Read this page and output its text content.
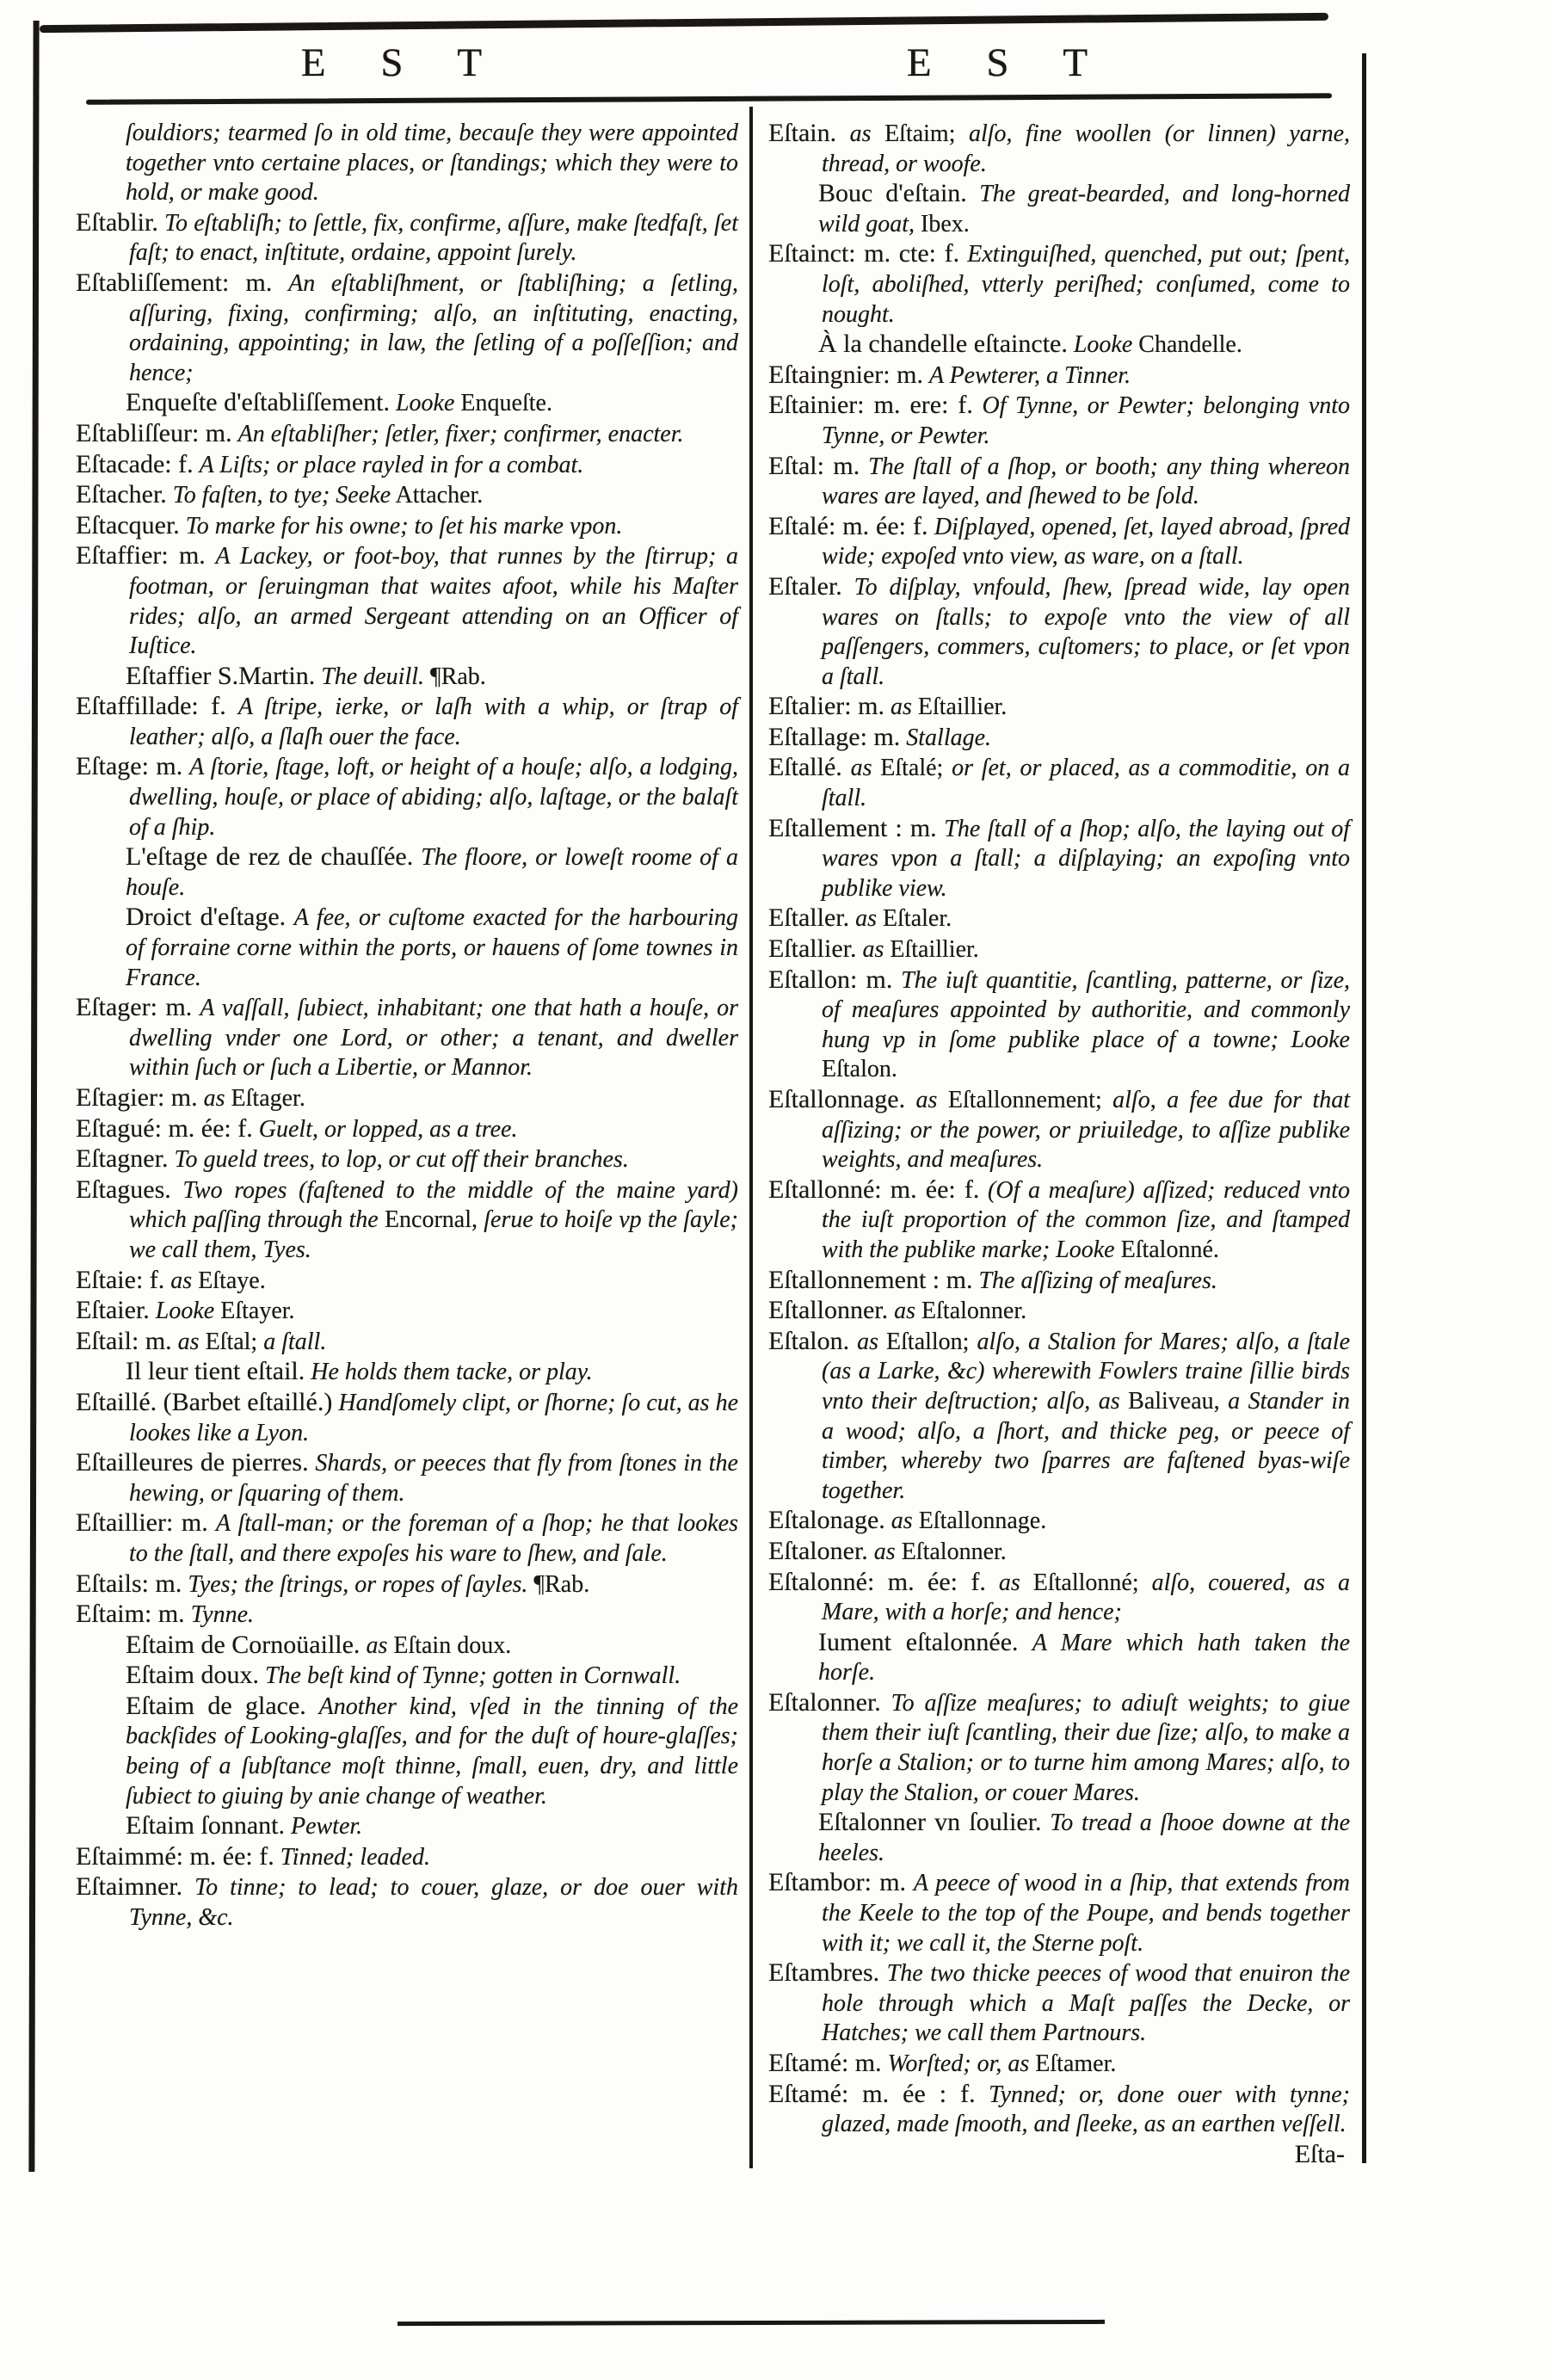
E S T	E S T

ſouldiors; tearmed ſo in old time, becauſe they were appointed together vnto certaine places, or ſtandings; which they were to hold, or make good.

Eſtablir. To eſtabliſh; to ſettle, fix, confirme, aſſure, make ſtedfaſt, ſet faſt; to enact, inſtitute, ordaine, appoint ſurely.

Eſtabliſſement: m. An eſtabliſhment, or ſtabliſhing; a ſetling, aſſuring, fixing, confirming; alſo, an inſtituting, enacting, ordaining, appointing; in law, the ſetling of a poſſeſſion; and hence;

Enqueſte d'eſtabliſſement. Looke Enqueſte.

Eſtabliſſeur: m. An eſtabliſher; ſetler, fixer; confirmer, enacter.

Eſtacade: f. A Liſts; or place rayled in for a combat.

Eſtacher. To faſten, to tye; Seeke Attacher.

Eſtacquer. To marke for his owne; to ſet his marke vpon.

Eſtaffier: m. A Lackey, or foot-boy, that runnes by the ſtirrup; a footman, or ſeruingman that waites afoot, while his Maſter rides; alſo, an armed Sergeant attending on an Officer of Iuſtice.

Eſtaffier S.Martin. The deuill. ¶Rab.

Eſtaffillade: f. A ſtripe, ierke, or laſh with a whip, or ſtrap of leather; alſo, a ſlaſh ouer the face.

Eſtage: m. A ſtorie, ſtage, loft, or height of a houſe; alſo, a lodging, dwelling, houſe, or place of abiding; alſo, laſtage, or the balaſt of a ſhip.

L'eſtage de rez de chauſſée. The floore, or loweſt roome of a houſe.

Droict d'eſtage. A fee, or cuſtome exacted for the harbouring of forraine corne within the ports, or hauens of ſome townes in France.

Eſtager: m. A vaſſall, ſubiect, inhabitant; one that hath a houſe, or dwelling vnder one Lord, or other; a tenant, and dweller within ſuch or ſuch a Libertie, or Mannor.

Eſtagier: m. as Eſtager.

Eſtagué: m. ée: f. Guelt, or lopped, as a tree.

Eſtagner. To gueld trees, to lop, or cut off their branches.

Eſtagues. Two ropes (faſtened to the middle of the maine yard) which paſſing through the Encornal, ſerue to hoiſe vp the ſayle; we call them, Tyes.

Eſtaie: f. as Eſtaye.

Eſtaier. Looke Eſtayer.

Eſtail: m. as Eſtal; a ſtall.

Il leur tient eſtail. He holds them tacke, or play.

Eſtaillé. (Barbet eſtaillé.) Handſomely clipt, or ſhorne; ſo cut, as he lookes like a Lyon.

Eſtailleures de pierres. Shards, or peeces that fly from ſtones in the hewing, or ſquaring of them.

Eſtaillier: m. A ſtall-man; or the foreman of a ſhop; he that lookes to the ſtall, and there expoſes his ware to ſhew, and ſale.

Eſtails: m. Tyes; the ſtrings, or ropes of ſayles. ¶Rab.

Eſtaim: m. Tynne.

Eſtaim de Cornoüaille. as Eſtain doux.

Eſtaim doux. The beſt kind of Tynne; gotten in Cornwall.

Eſtaim de glace. Another kind, vſed in the tinning of the backſides of Looking-glaſſes, and for the duſt of houre-glaſſes; being of a ſubſtance moſt thinne, ſmall, euen, dry, and little ſubiect to giuing by anie change of weather.

Eſtaim ſonnant. Pewter.

Eſtaimmé: m. ée: f. Tinned; leaded.

Eſtaimner. To tinne; to lead; to couer, glaze, or doe ouer with Tynne, &c.

Eſtain. as Eſtaim; alſo, fine woollen (or linnen) yarne, thread, or woofe.

Bouc d'eſtain. The great-bearded, and long-horned wild goat, Ibex.

Eſtainct: m. cte: f. Extinguiſhed, quenched, put out; ſpent, loſt, aboliſhed, vtterly periſhed; conſumed, come to nought.

À la chandelle eſtaincte. Looke Chandelle.

Eſtaingnier: m. A Pewterer, a Tinner.

Eſtainier: m. ere: f. Of Tynne, or Pewter; belonging vnto Tynne, or Pewter.

Eſtal: m. The ſtall of a ſhop, or booth; any thing whereon wares are layed, and ſhewed to be ſold.

Eſtalé: m. ée: f. Diſplayed, opened, ſet, layed abroad, ſpred wide; expoſed vnto view, as ware, on a ſtall.

Eſtaler. To diſplay, vnfould, ſhew, ſpread wide, lay open wares on ſtalls; to expoſe vnto the view of all paſſengers, commers, cuſtomers; to place, or ſet vpon a ſtall.

Eſtalier: m. as Eſtaillier.

Eſtallage: m. Stallage.

Eſtallé. as Eſtalé; or ſet, or placed, as a commoditie, on a ſtall.

Eſtallement : m. The ſtall of a ſhop; alſo, the laying out of wares vpon a ſtall; a diſplaying; an expoſing vnto publike view.

Eſtaller. as Eſtaler.

Eſtallier. as Eſtaillier.

Eſtallon: m. The iuſt quantitie, ſcantling, patterne, or ſize, of meaſures appointed by authoritie, and commonly hung vp in ſome publike place of a towne; Looke Eſtalon.

Eſtallonnage. as Eſtallonnement; alſo, a fee due for that aſſizing; or the power, or priuiledge, to aſſize publike weights, and meaſures.

Eſtallonné: m. ée: f. (Of a meaſure) aſſized; reduced vnto the iuſt proportion of the common ſize, and ſtamped with the publike marke; Looke Eſtalonné.

Eſtallonnement : m. The aſſizing of meaſures.

Eſtallonner. as Eſtalonner.

Eſtalon. as Eſtallon; alſo, a Stalion for Mares; alſo, a ſtale (as a Larke, &c) wherewith Fowlers traine ſillie birds vnto their deſtruction; alſo, as Baliveau, a Stander in a wood; alſo, a ſhort, and thicke peg, or peece of timber, whereby two ſparres are faſtened byas-wiſe together.

Eſtalonage. as Eſtallonnage.

Eſtaloner. as Eſtalonner.

Eſtalonné: m. ée: f. as Eſtallonné; alſo, couered, as a Mare, with a horſe; and hence;

Iument eſtalonnée. A Mare which hath taken the horſe.

Eſtalonner. To aſſize meaſures; to adiuſt weights; to giue them their iuſt ſcantling, their due ſize; alſo, to make a horſe a Stalion; or to turne him among Mares; alſo, to play the Stalion, or couer Mares.

Eſtalonner vn ſoulier. To tread a ſhooe downe at the heeles.

Eſtambor: m. A peece of wood in a ſhip, that extends from the Keele to the top of the Poupe, and bends together with it; we call it, the Sterne poſt.

Eſtambres. The two thicke peeces of wood that enuiron the hole through which a Maſt paſſes the Decke, or Hatches; we call them Partnours.

Eſtamé: m. Worſted; or, as Eſtamer.

Eſtamé: m. ée : f. Tynned; or, done ouer with tynne; glazed, made ſmooth, and ſleeke, as an earthen veſſell.

Eſta-
